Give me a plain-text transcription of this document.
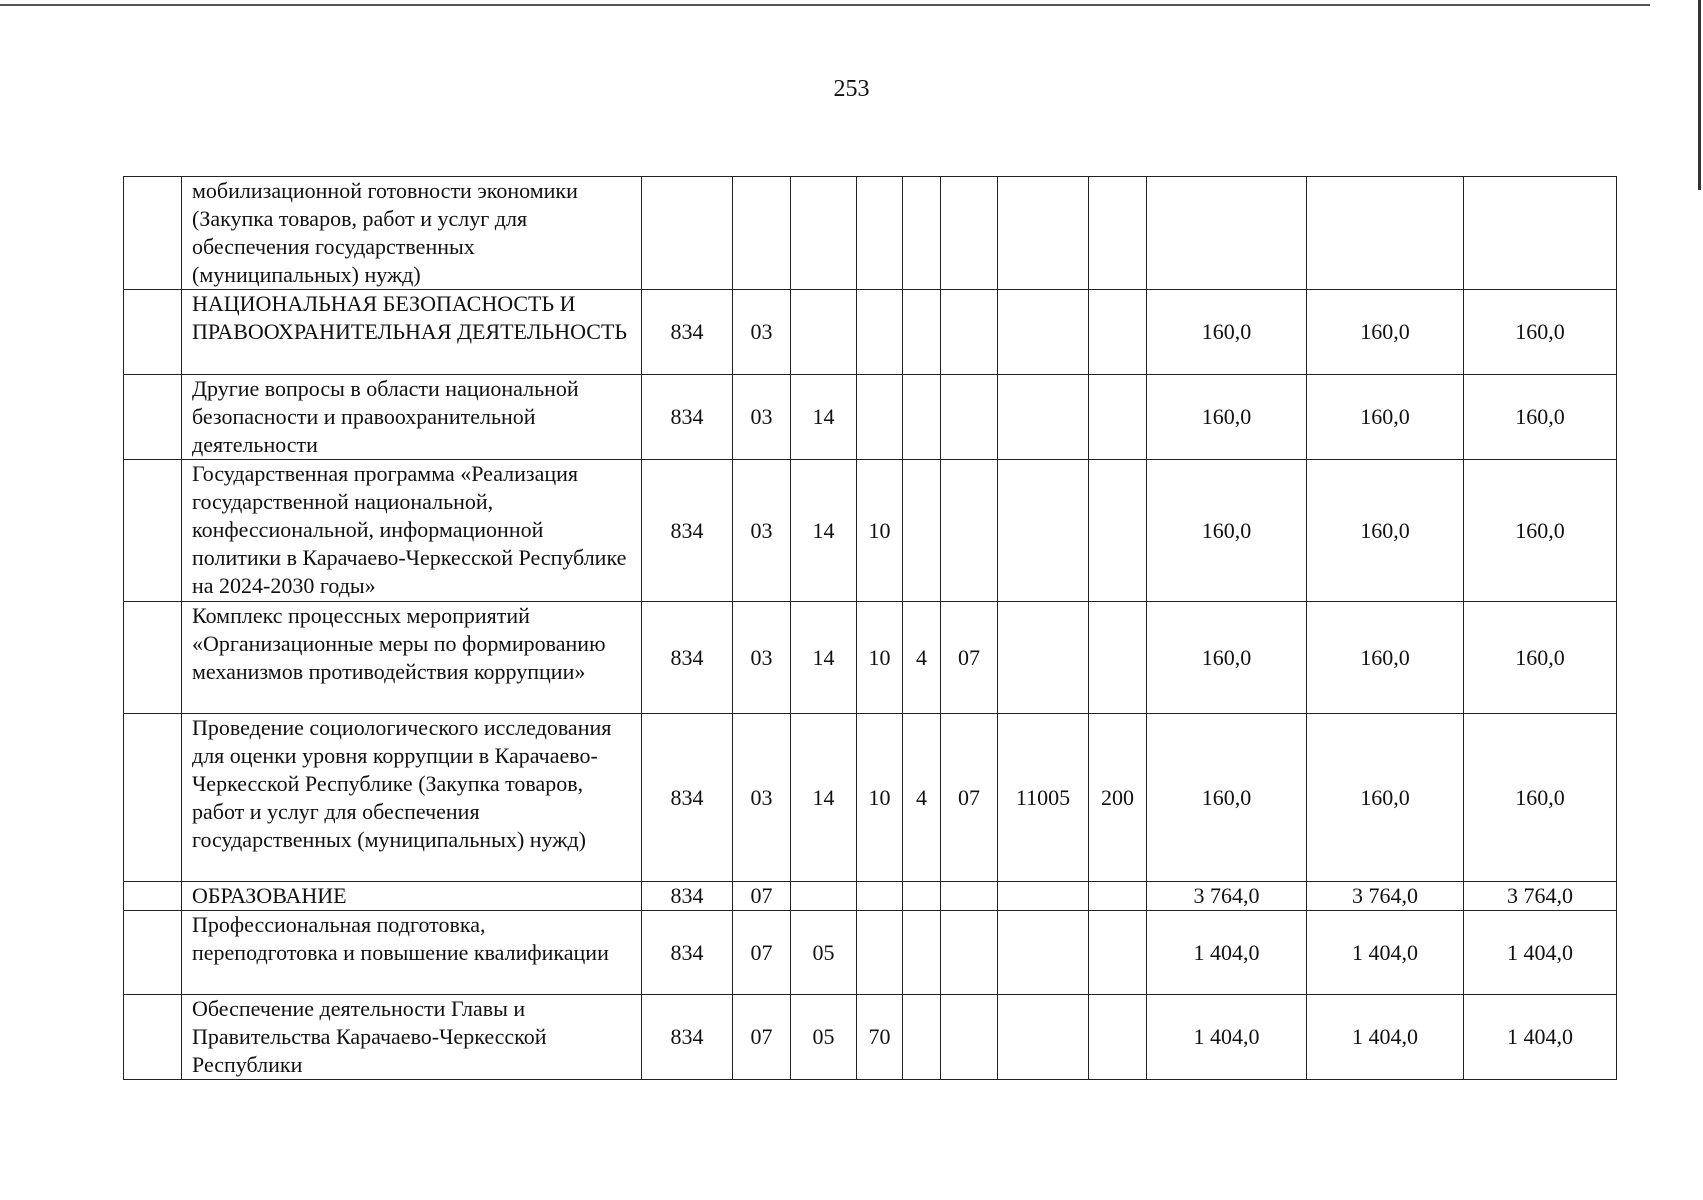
253
	мобилизационной готовности экономики (Закупка товаров, работ и услуг для обеспечения государственных (муниципальных) нужд)											
	НАЦИОНАЛЬНАЯ БЕЗОПАСНОСТЬ И ПРАВООХРАНИТЕЛЬНАЯ ДЕЯТЕЛЬНОСТЬ	834	03							160,0	160,0	160,0
	Другие вопросы в области национальной безопасности и правоохранительной деятельности	834	03	14						160,0	160,0	160,0
	Государственная программа «Реализация государственной национальной, конфессиональной, информационной политики в Карачаево-Черкесской Республике на 2024-2030 годы»	834	03	14	10					160,0	160,0	160,0
	Комплекс процессных мероприятий «Организационные меры по формированию механизмов противодействия коррупции»	834	03	14	10	4	07			160,0	160,0	160,0
	Проведение социологического исследования для оценки уровня коррупции в Карачаево-Черкесской Республике (Закупка товаров, работ и услуг для обеспечения государственных (муниципальных) нужд)	834	03	14	10	4	07	11005	200	160,0	160,0	160,0
	ОБРАЗОВАНИЕ	834	07							3 764,0	3 764,0	3 764,0
	Профессиональная подготовка, переподготовка и повышение квалификации	834	07	05						1 404,0	1 404,0	1 404,0
	Обеспечение деятельности Главы и Правительства Карачаево-Черкесской Республики	834	07	05	70					1 404,0	1 404,0	1 404,0
